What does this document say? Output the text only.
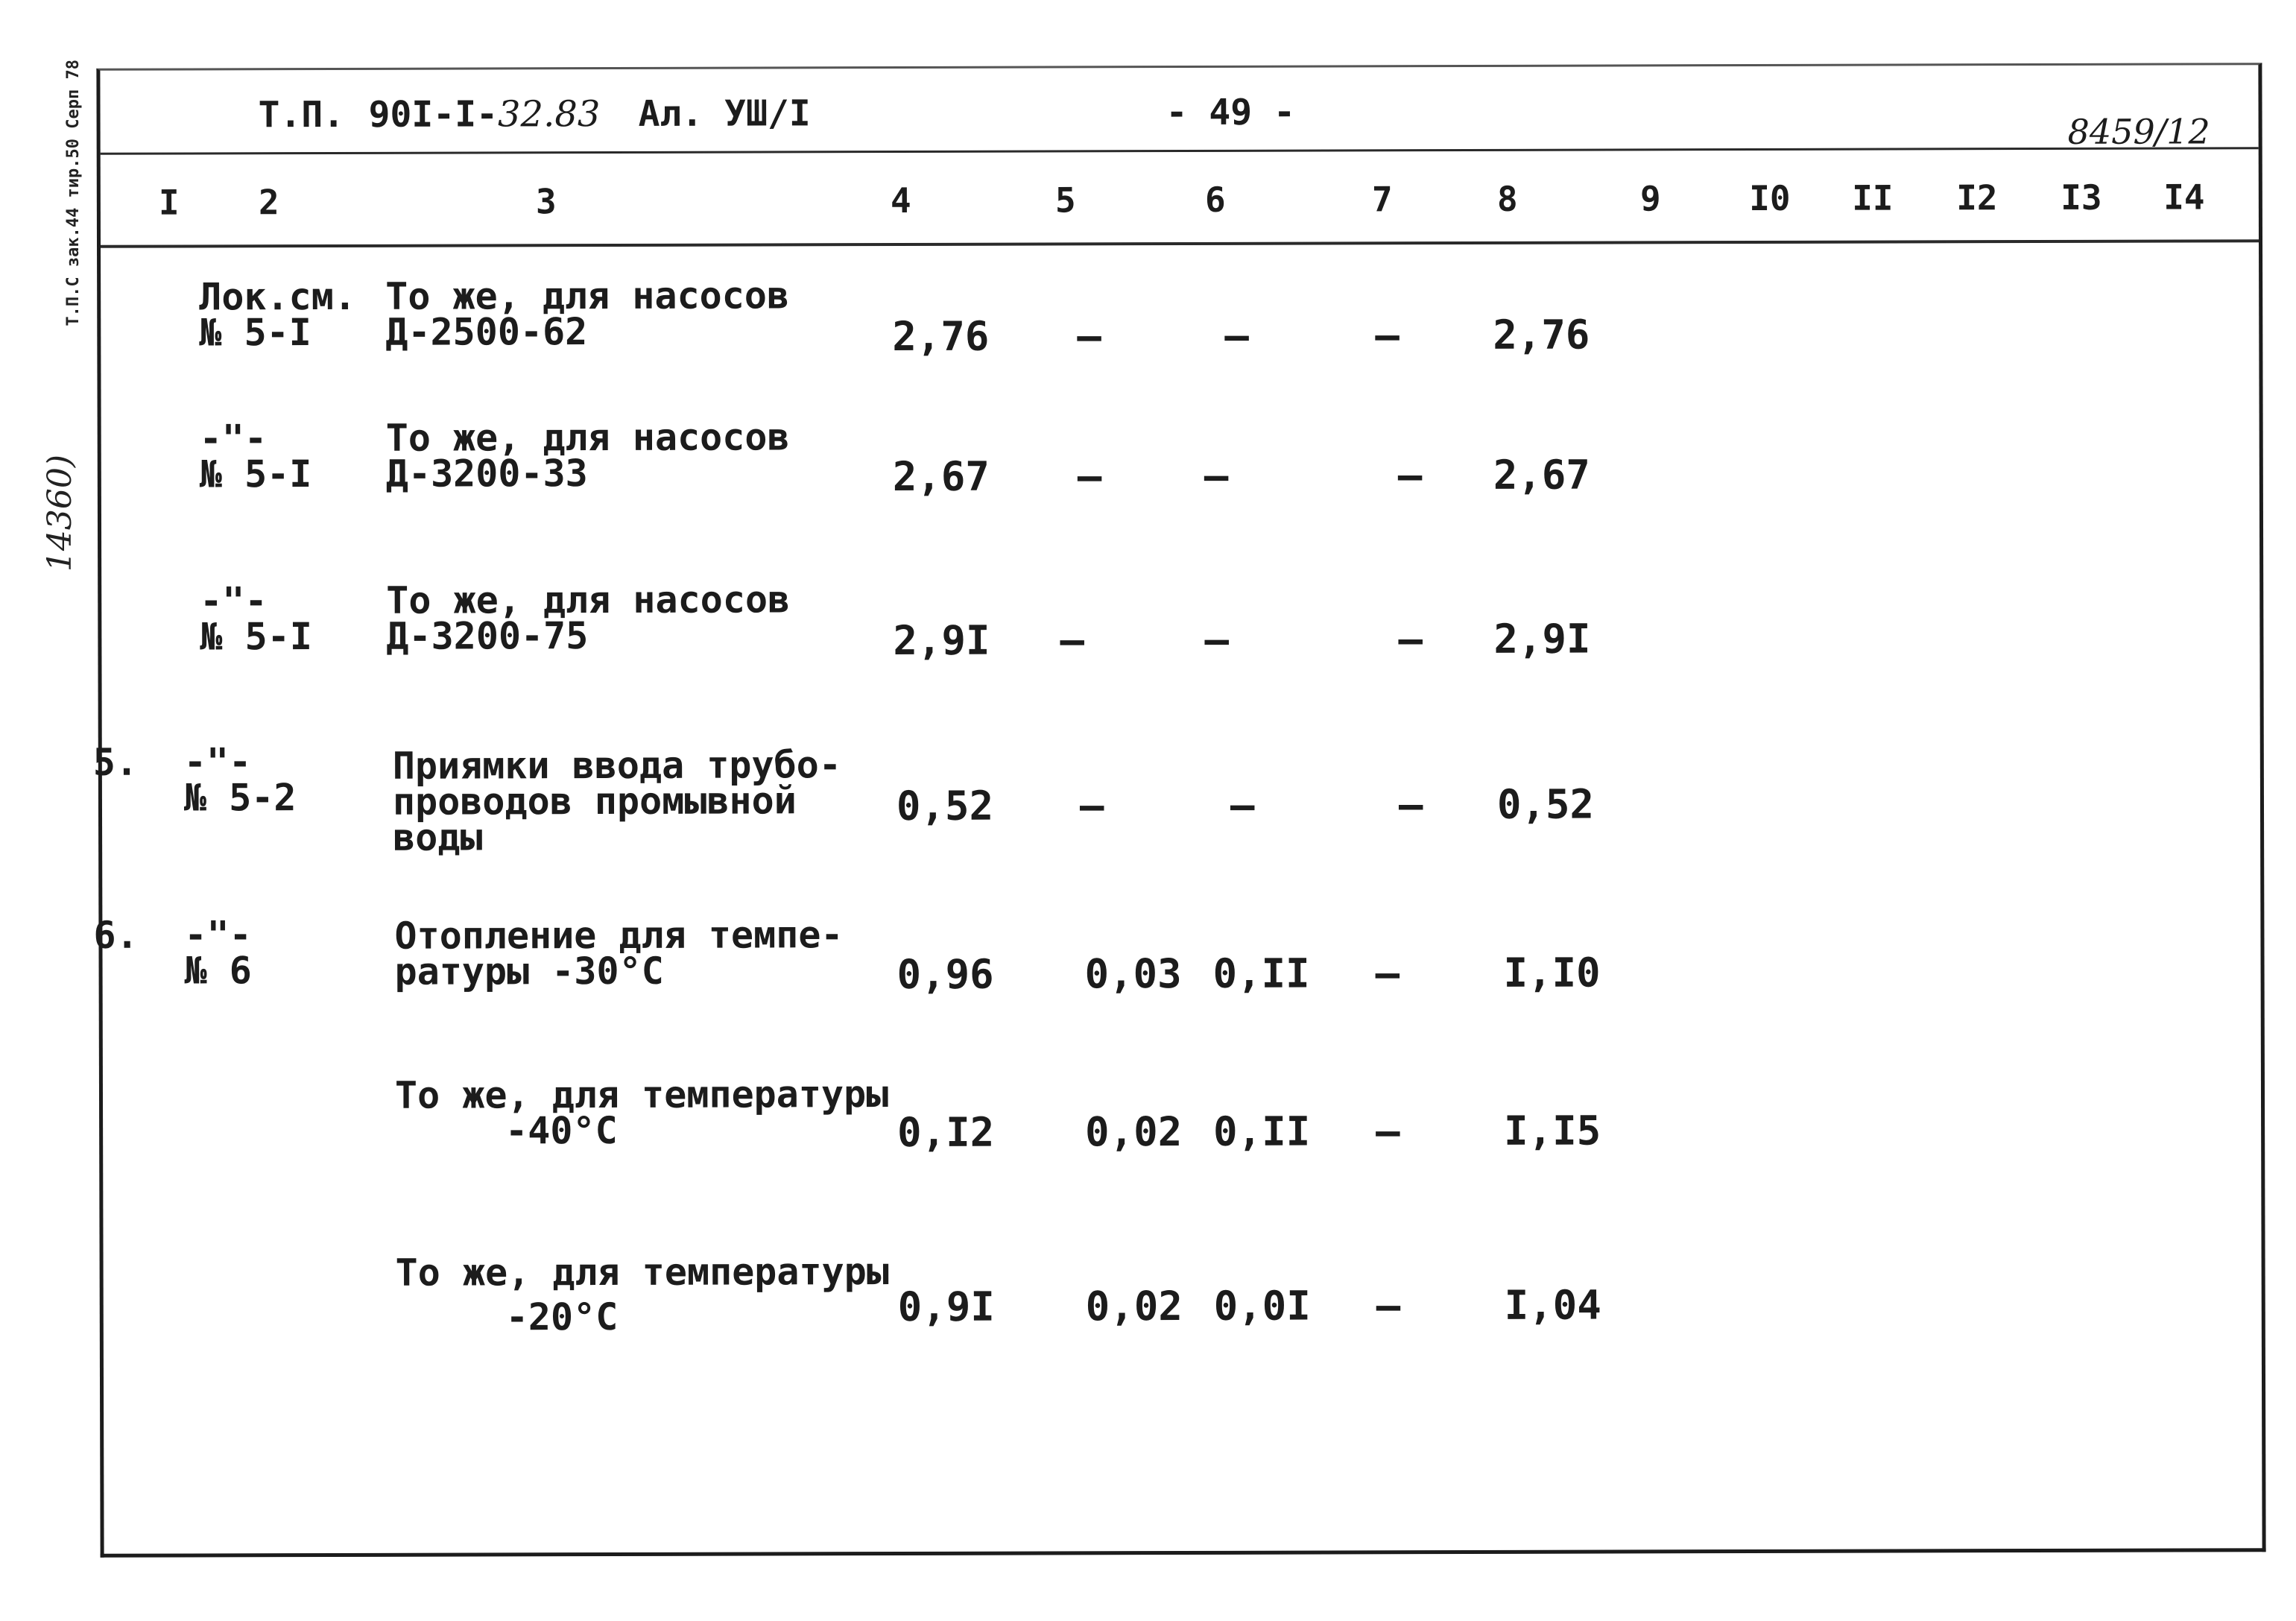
Т.П.С зак.44 тир.50 Серп 78
14360)
Т.П. 90I-I-32.83 Ал. УШ/I	- 49 -	8459/12
I	2	3	4	5	6	7	8	9	I0 II I2 I3 I4
Лок.см.
№ 5-I
То же, для насосов
Д-2500-62	2,76 –	–	– 2,76
-"-
№ 5-I
То же, для насосов
Д-3200-33	2,67 –	–	– 2,67
-"-
№ 5-I
То же, для насосов
Д-3200-75	2,9I –	–	– 2,9I
5. -"-
№ 5-2
Приямки ввода трубо-
проводов промывной
воды
0,52 –	–	– 0,52
6. -"-
№ 6
Отопление для темпе-
ратуры -30°С	0,96 0,03 0,II –	I,I0
То же, для температуры
-40°С	0,I2 0,02 0,II –	I,I5
То же, для температуры
-20°С	0,9I 0,02 0,0I –	I,04
